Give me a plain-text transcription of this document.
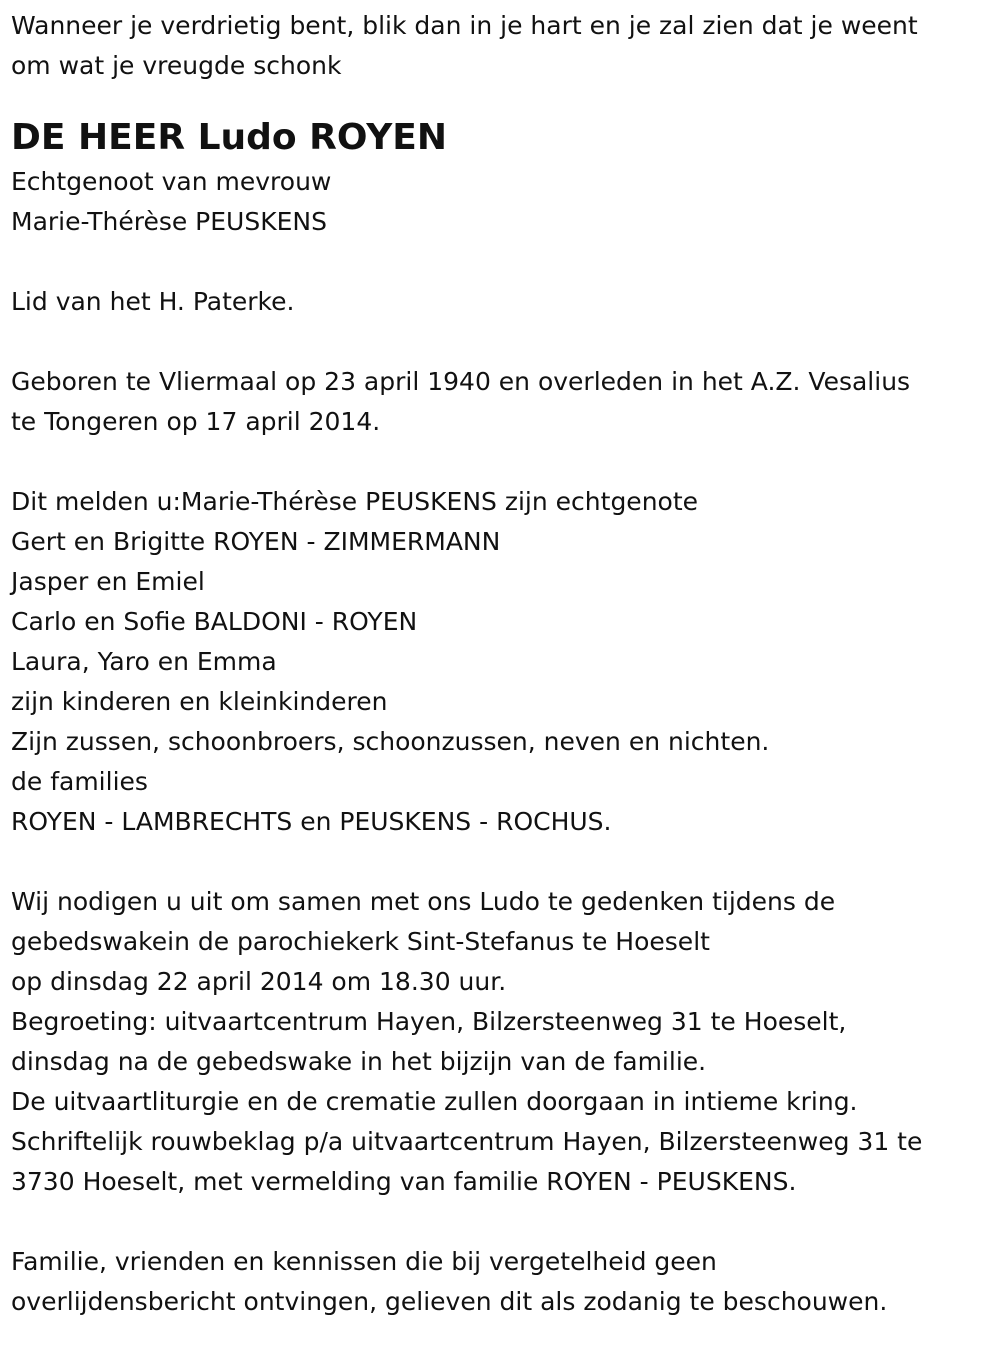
Wanneer je verdrietig bent, blik dan in je hart en je zal zien dat je weent

om wat je vreugde schonk

DE HEER Ludo ROYEN

Echtgenoot van mevrouw

Marie-Thérèse PEUSKENS

Lid van het H. Paterke.

Geboren te Vliermaal op 23 april 1940 en overleden in het A.Z. Vesalius

te Tongeren op 17 april 2014.

Dit melden u:Marie-Thérèse PEUSKENS zijn echtgenote

Gert en Brigitte ROYEN - ZIMMERMANN

Jasper en Emiel

Carlo en Sofie BALDONI - ROYEN

Laura, Yaro en Emma

zijn kinderen en kleinkinderen

Zijn zussen, schoonbroers, schoonzussen, neven en nichten.

de families

ROYEN - LAMBRECHTS en PEUSKENS - ROCHUS.

Wij nodigen u uit om samen met ons Ludo te gedenken tijdens de

gebedswakein de parochiekerk Sint-Stefanus te Hoeselt

op dinsdag 22 april 2014 om 18.30 uur.

Begroeting: uitvaartcentrum Hayen, Bilzersteenweg 31 te Hoeselt,

dinsdag na de gebedswake in het bijzijn van de familie.

De uitvaartliturgie en de crematie zullen doorgaan in intieme kring.

Schriftelijk rouwbeklag p/a uitvaartcentrum Hayen, Bilzersteenweg 31 te

3730 Hoeselt, met vermelding van familie ROYEN - PEUSKENS.

Familie, vrienden en kennissen die bij vergetelheid geen

overlijdensbericht ontvingen, gelieven dit als zodanig te beschouwen.
